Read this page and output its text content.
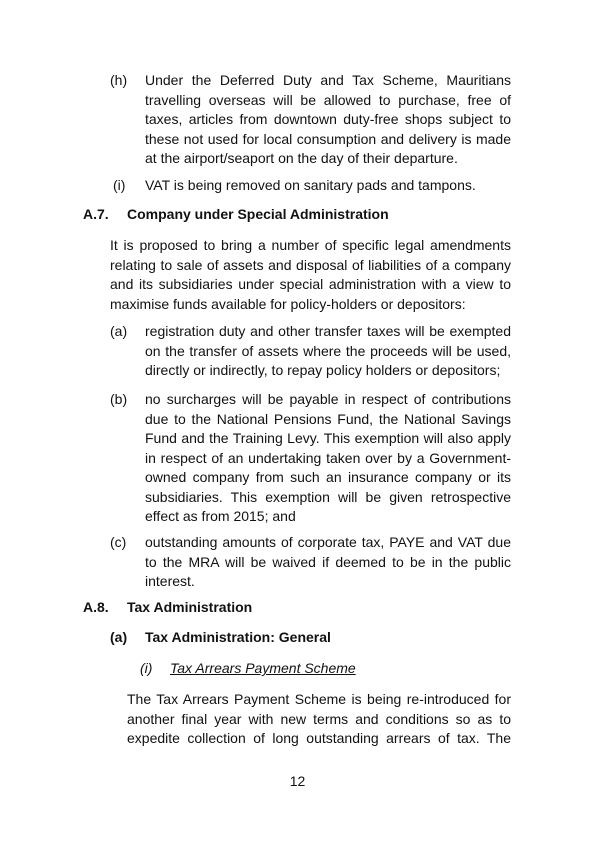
(h) Under the Deferred Duty and Tax Scheme, Mauritians
travelling overseas will be allowed to purchase, free of
taxes, articles from downtown duty-free shops subject to
these not used for local consumption and delivery is made
at the airport/seaport on the day of their departure.
(i) VAT is being removed on sanitary pads and tampons.
A.7. Company under Special Administration
It is proposed to bring a number of specific legal amendments
relating to sale of assets and disposal of liabilities of a company
and its subsidiaries under special administration with a view to
maximise funds available for policy-holders or depositors:
(a) registration duty and other transfer taxes will be exempted
on the transfer of assets where the proceeds will be used,
directly or indirectly, to repay policy holders or depositors;
(b) no surcharges will be payable in respect of contributions
due to the National Pensions Fund, the National Savings
Fund and the Training Levy. This exemption will also apply
in respect of an undertaking taken over by a Government-
owned company from such an insurance company or its
subsidiaries. This exemption will be given retrospective
effect as from 2015; and
(c) outstanding amounts of corporate tax, PAYE and VAT due
to the MRA will be waived if deemed to be in the public
interest.
A.8. Tax Administration
(a) Tax Administration: General
(i) Tax Arrears Payment Scheme
The Tax Arrears Payment Scheme is being re-introduced for
another final year with new terms and conditions so as to
expedite collection of long outstanding arrears of tax. The
12
